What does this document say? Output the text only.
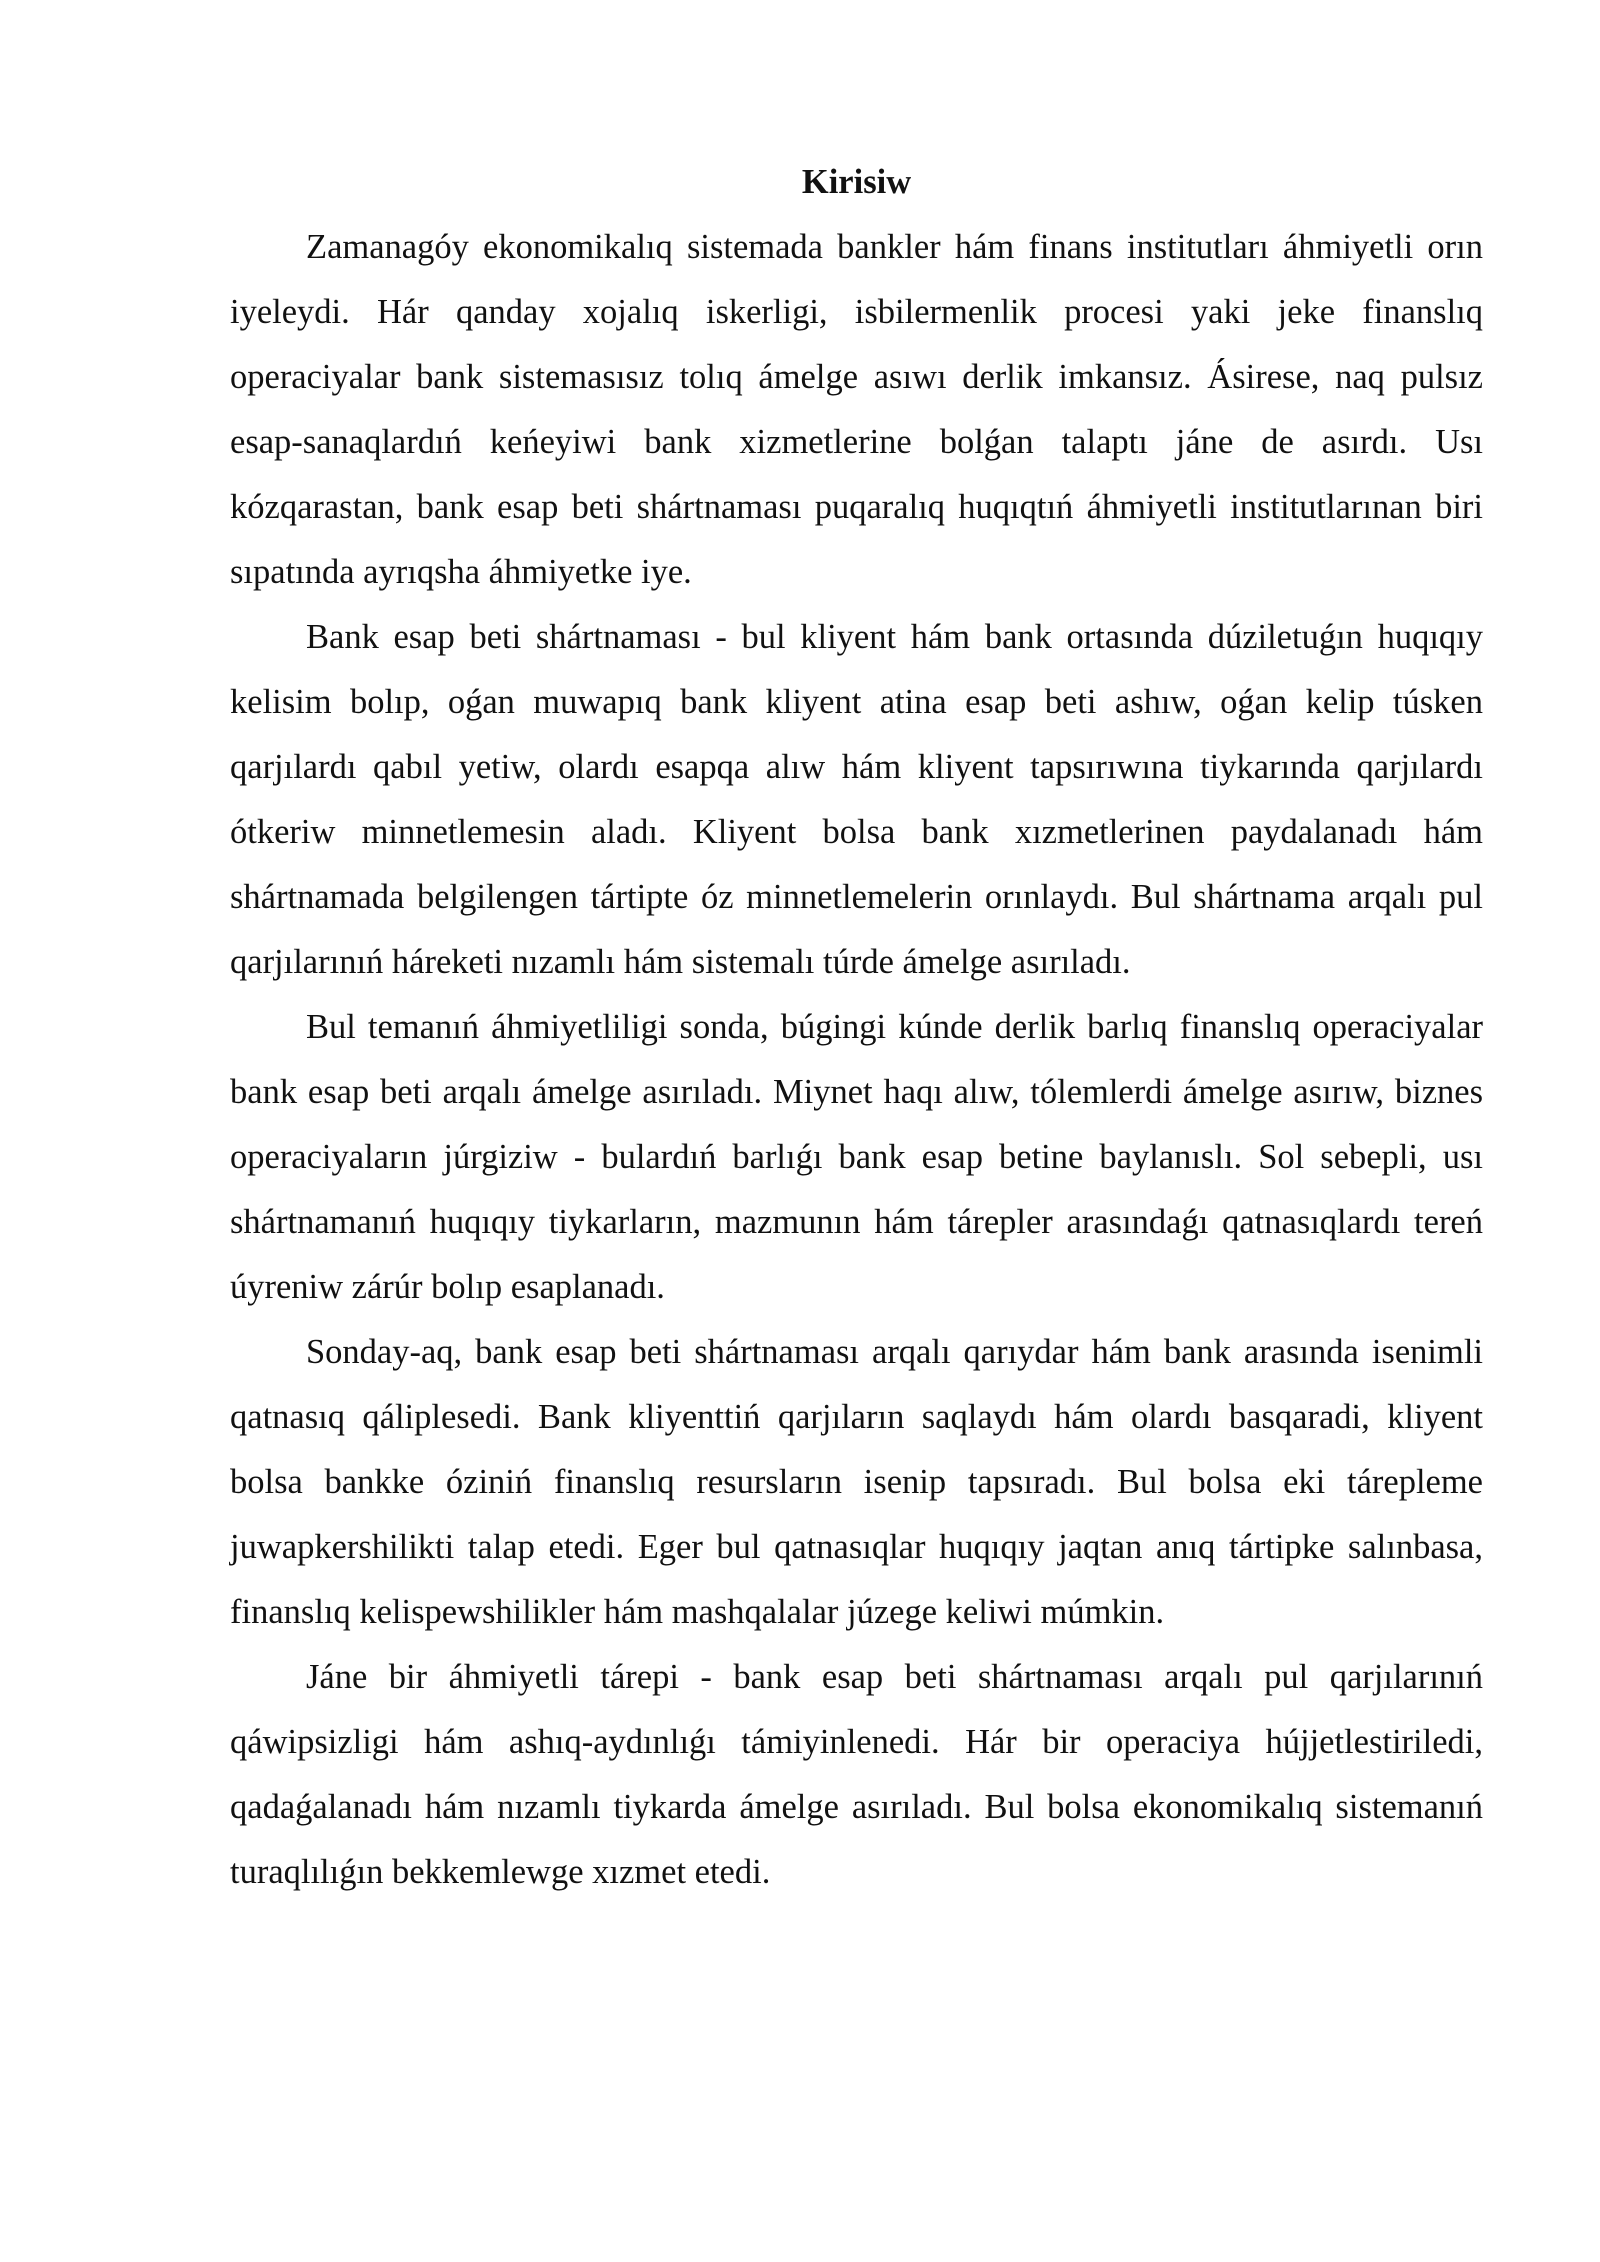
Kirisiw

Zamanagóy ekonomikalıq sistemada bankler hám finans institutları áhmiyetli orın iyeleydi. Hár qanday xojalıq iskerligi, isbilermenlik procesi yaki jeke finanslıq operaciyalar bank sistemasısız tolıq ámelge asıwı derlik imkansız. Ásirese, naq pulsız esap-sanaqlardıń keńeyiwi bank xizmetlerine bolǵan talaptı jáne de asırdı. Usı kózqarastan, bank esap beti shártnaması puqaralıq huqıqtıń áhmiyetli institutlarınan biri sıpatında ayrıqsha áhmiyetke iye.

Bank esap beti shártnaması - bul kliyent hám bank ortasında dúziletuǵın huqıqıy kelisim bolıp, oǵan muwapıq bank kliyent atina esap beti ashıw, oǵan kelip túsken qarjılardı qabıl yetiw, olardı esapqa alıw hám kliyent tapsırıwına tiykarında qarjılardı ótkeriw minnetlemesin aladı. Kliyent bolsa bank xızmetlerinen paydalanadı hám shártnamada belgilengen tártipte óz minnetlemelerin orınlaydı. Bul shártnama arqalı pul qarjılarınıń háreketi nızamlı hám sistemalı túrde ámelge asırıladı.

Bul temanıń áhmiyetliligi sonda, búgingi kúnde derlik barlıq finanslıq operaciyalar bank esap beti arqalı ámelge asırıladı. Miynet haqı alıw, tólemlerdi ámelge asırıw, biznes operaciyaların júrgiziw - bulardıń barlıǵı bank esap betine baylanıslı. Sol sebepli, usı shártnamanıń huqıqıy tiykarların, mazmunın hám tárepler arasındaǵı qatnasıqlardı tereń úyreniw zárúr bolıp esaplanadı.

Sonday-aq, bank esap beti shártnaması arqalı qarıydar hám bank arasında isenimli qatnasıq qáliplesedi. Bank kliyenttiń qarjıların saqlaydı hám olardı basqaradi, kliyent bolsa bankke óziniń finanslıq resursların isenip tapsıradı. Bul bolsa eki tárepleme juwapkershilikti talap etedi. Eger bul qatnasıqlar huqıqıy jaqtan anıq tártipke salınbasa, finanslıq kelispewshilikler hám mashqalalar júzege keliwi múmkin.

Jáne bir áhmiyetli tárepi - bank esap beti shártnaması arqalı pul qarjılarınıń qáwipsizligi hám ashıq-aydınlıǵı támiyinlenedi. Hár bir operaciya hújjetlestiriledi, qadaǵalanadı hám nızamlı tiykarda ámelge asırıladı. Bul bolsa ekonomikalıq sistemanıń turaqlılıǵın bekkemlewge xızmet etedi.
